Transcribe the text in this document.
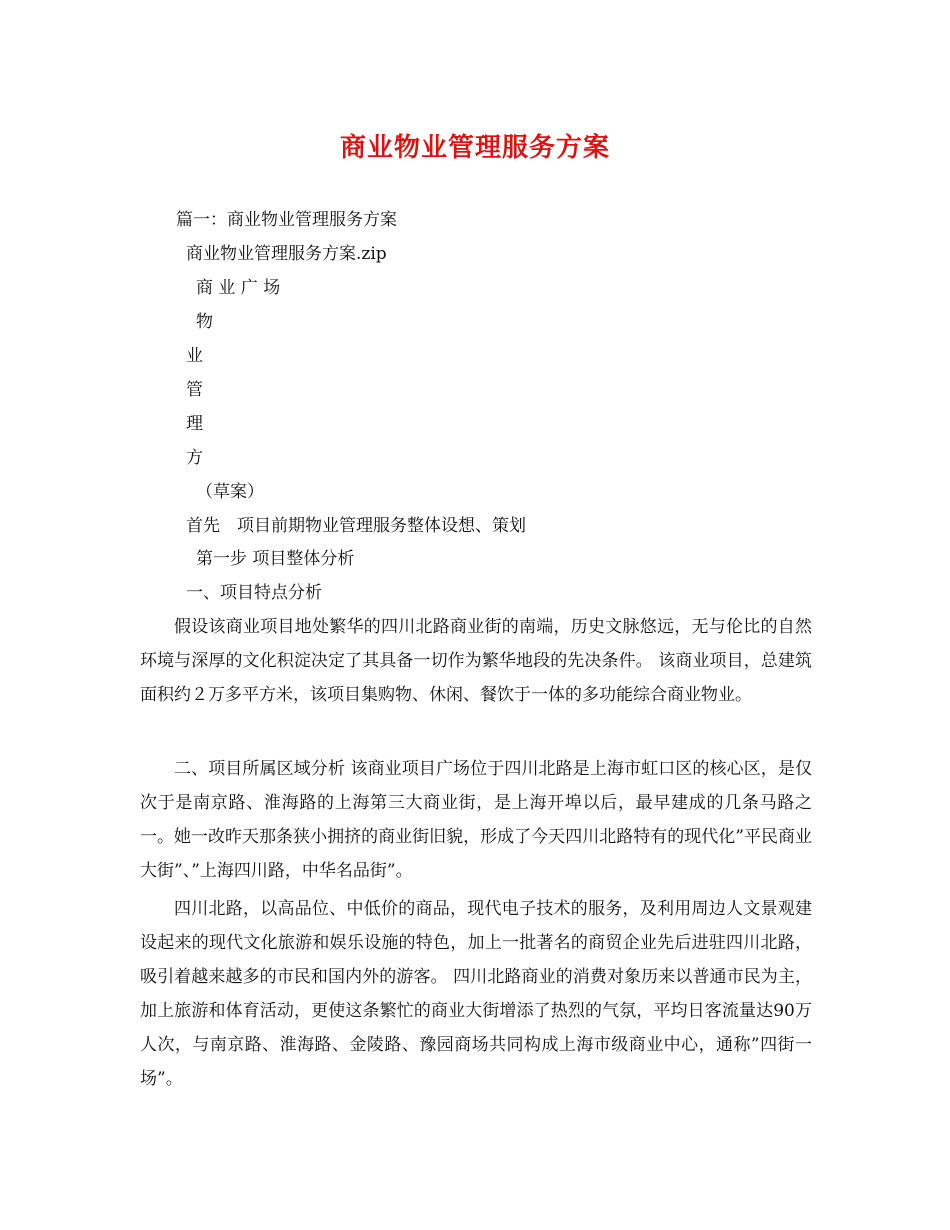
商业物业管理服务方案
篇一：商业物业管理服务方案
商业物业管理服务方案.zip
商 业 广 场
物
业
管
理
方
（草案）
首先　项目前期物业管理服务整体设想、策划
第一步 项目整体分析
一、项目特点分析

假设该商业项目地处繁华的四川北路商业街的南端，历史文脉悠远，无与伦比的自然环境与深厚的文化积淀决定了其具备一切作为繁华地段的先决条件。 该商业项目，总建筑面积约２万多平方米，该项目集购物、休闲、餐饮于一体的多功能综合商业物业。

二、项目所属区域分析 该商业项目广场位于四川北路是上海市虹口区的核心区，是仅次于是南京路、淮海路的上海第三大商业街，是上海开埠以后，最早建成的几条马路之一。她一改昨天那条狭小拥挤的商业街旧貌，形成了今天四川北路特有的现代化”平民商业大街”、”上海四川路，中华名品街”。

四川北路，以高品位、中低价的商品，现代电子技术的服务，及利用周边人文景观建设起来的现代文化旅游和娱乐设施的特色，加上一批著名的商贸企业先后进驻四川北路，吸引着越来越多的市民和国内外的游客。 四川北路商业的消费对象历来以普通市民为主，加上旅游和体育活动，更使这条繁忙的商业大街增添了热烈的气氛，平均日客流量达90万人次，与南京路、淮海路、金陵路、豫园商场共同构成上海市级商业中心，通称”四街一场”。
